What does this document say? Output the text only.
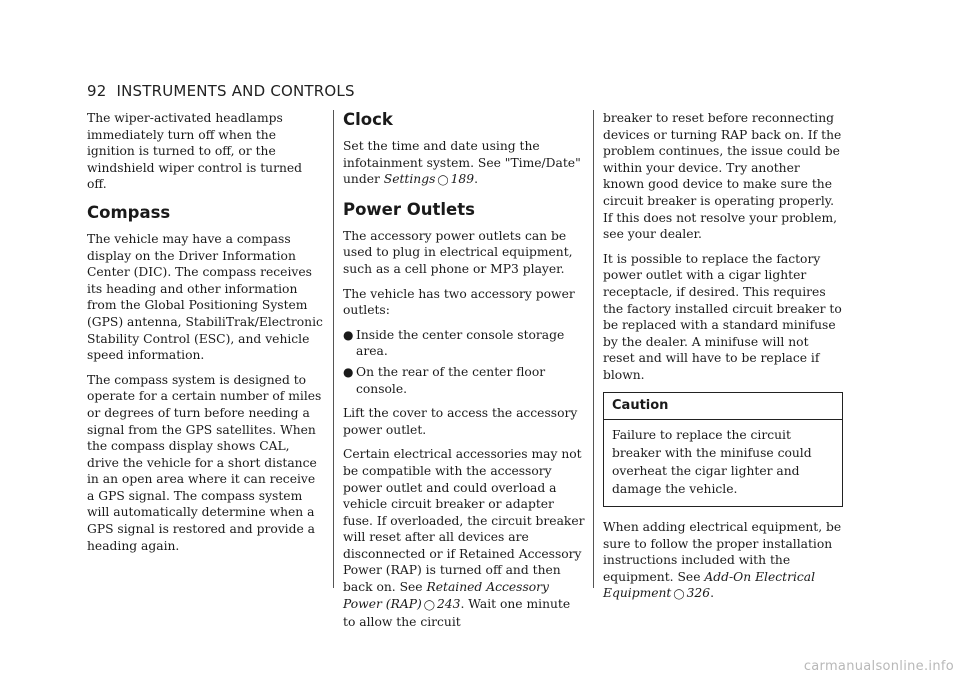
92 INSTRUMENTS AND CONTROLS

The wiper-activated headlamps immediately turn off when the ignition is turned to off, or the windshield wiper control is turned off.

Compass

The vehicle may have a compass display on the Driver Information Center (DIC). The compass receives its heading and other information from the Global Positioning System (GPS) antenna, StabiliTrak/Electronic Stability Control (ESC), and vehicle speed information.

The compass system is designed to operate for a certain number of miles or degrees of turn before needing a signal from the GPS satellites. When the compass display shows CAL, drive the vehicle for a short distance in an open area where it can receive a GPS signal. The compass system will automatically determine when a GPS signal is restored and provide a heading again.

Clock

Set the time and date using the infotainment system. See "Time/Date" under Settings ◯ 189.

Power Outlets

The accessory power outlets can be used to plug in electrical equipment, such as a cell phone or MP3 player.

The vehicle has two accessory power outlets:

● Inside the center console storage area.
● On the rear of the center floor console.

Lift the cover to access the accessory power outlet.

Certain electrical accessories may not be compatible with the accessory power outlet and could overload a vehicle circuit breaker or adapter fuse. If overloaded, the circuit breaker will reset after all devices are disconnected or if Retained Accessory Power (RAP) is turned off and then back on. See Retained Accessory Power (RAP) ◯ 243. Wait one minute to allow the circuit

breaker to reset before reconnecting devices or turning RAP back on. If the problem continues, the issue could be within your device. Try another known good device to make sure the circuit breaker is operating properly. If this does not resolve your problem, see your dealer.

It is possible to replace the factory power outlet with a cigar lighter receptacle, if desired. This requires the factory installed circuit breaker to be replaced with a standard minifuse by the dealer. A minifuse will not reset and will have to be replace if blown.

Caution
Failure to replace the circuit breaker with the minifuse could overheat the cigar lighter and damage the vehicle.

When adding electrical equipment, be sure to follow the proper installation instructions included with the equipment. See Add-On Electrical Equipment ◯ 326.

carmanualsonline.info
